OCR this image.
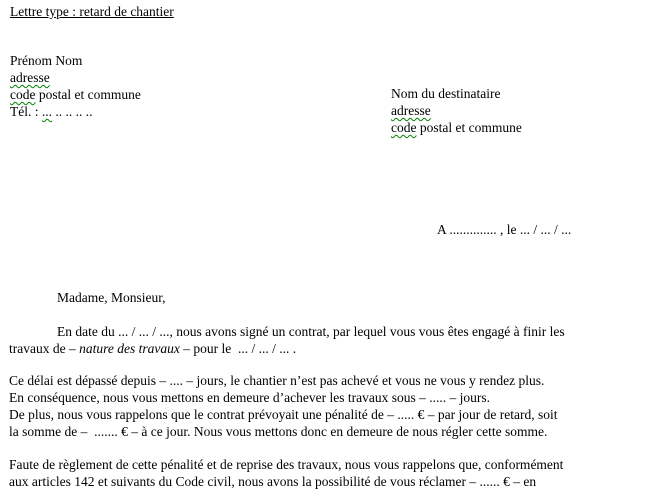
Lettre type : retard de chantier
Prénom Nom
adresse
code postal et commune
Tél. : ... .. .. .. ..
Nom du destinataire
adresse
code postal et commune
A .............. , le ... / ... / ...
Madame, Monsieur,
En date du ... / ... / ..., nous avons signé un contrat, par lequel vous vous êtes engagé à finir les
travaux de – nature des travaux – pour le  ... / ... / ... .
Ce délai est dépassé depuis – .... – jours, le chantier n’est pas achevé et vous ne vous y rendez plus.
En conséquence, nous vous mettons en demeure d’achever les travaux sous – ..... – jours.
De plus, nous vous rappelons que le contrat prévoyait une pénalité de – ..... € – par jour de retard, soit
la somme de –  ....... € – à ce jour. Nous vous mettons donc en demeure de nous régler cette somme.
Faute de règlement de cette pénalité et de reprise des travaux, nous vous rappelons que, conformément
aux articles 142 et suivants du Code civil, nous avons la possibilité de vous réclamer – ...... € – en
